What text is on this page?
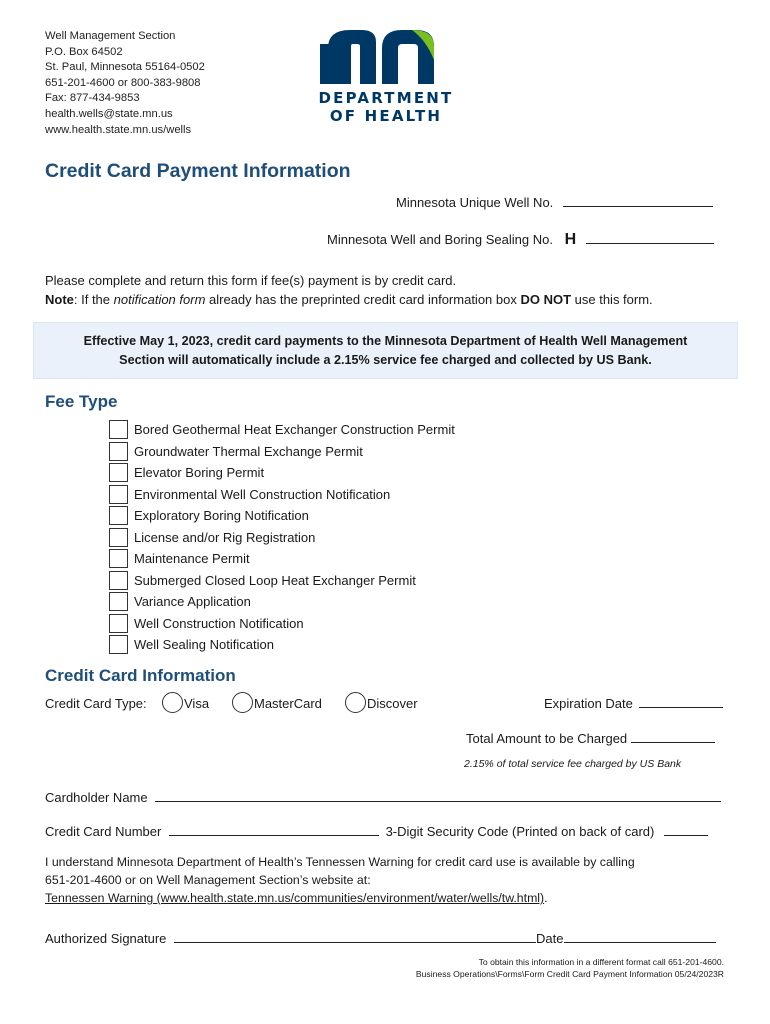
Well Management Section
P.O. Box 64502
St. Paul, Minnesota 55164-0502
651-201-4600 or 800-383-9808
Fax: 877-434-9853
health.wells@state.mn.us
www.health.state.mn.us/wells
DEPARTMENT
OF HEALTH
Credit Card Payment Information
Minnesota Unique Well No.
Minnesota Well and Boring Sealing No. H
Please complete and return this form if fee(s) payment is by credit card.
Note: If the notification form already has the preprinted credit card information box DO NOT use this form.

Effective May 1, 2023, credit card payments to the Minnesota Department of Health Well Management

Section will automatically include a 2.15% service fee charged and collected by US Bank.

Fee Type
Bored Geothermal Heat Exchanger Construction Permit
Groundwater Thermal Exchange Permit
Elevator Boring Permit
Environmental Well Construction Notification
Exploratory Boring Notification
License and/or Rig Registration
Maintenance Permit
Submerged Closed Loop Heat Exchanger Permit
Variance Application
Well Construction Notification
Well Sealing Notification
Credit Card Information
Credit Card Type:	Visa	MasterCard	Discover	Expiration Date
Total Amount to be Charged
2.15% of total service fee charged by US Bank
Cardholder Name
Credit Card Number	3-Digit Security Code (Printed on back of card)
I understand Minnesota Department of Health’s Tennessen Warning for credit card use is available by calling
651-201-4600 or on Well Management Section’s website at:
Tennessen Warning (www.health.state.mn.us/communities/environment/water/wells/tw.html).
Authorized Signature	Date
To obtain this information in a different format call 651-201-4600.
Business Operations\Forms\Form Credit Card Payment Information 05/24/2023R
